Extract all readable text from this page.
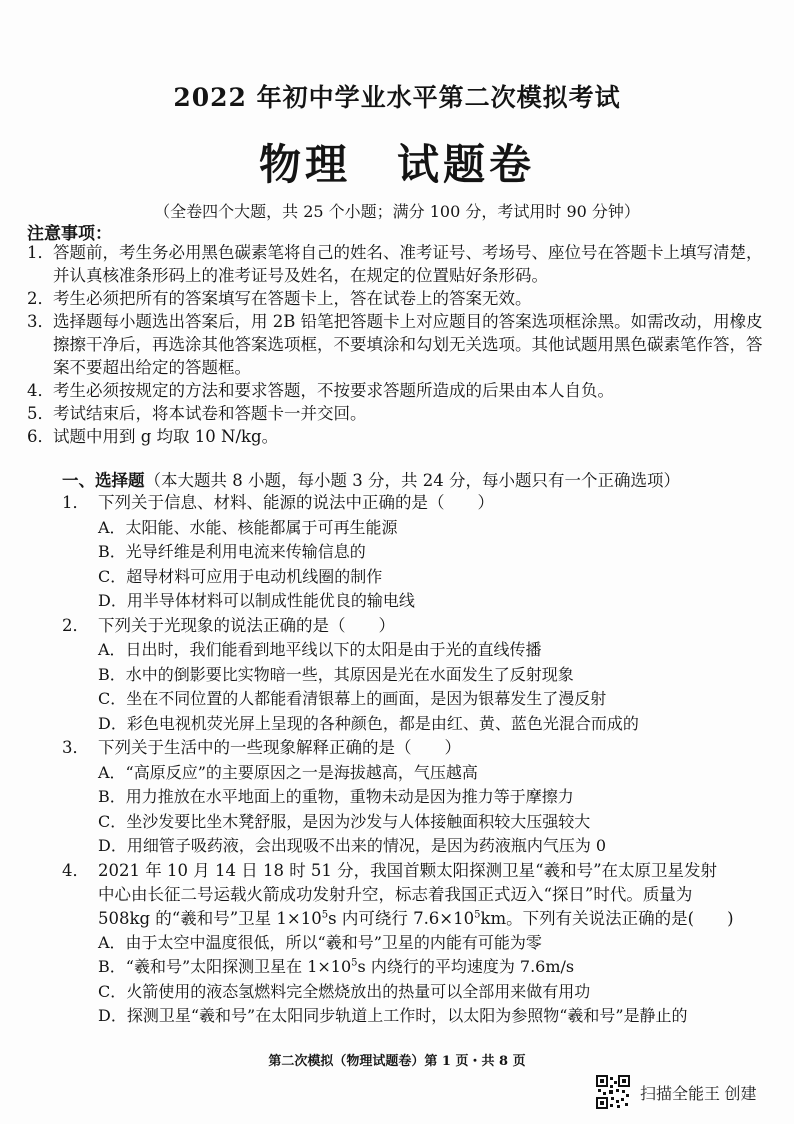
2022 年初中学业水平第二次模拟考试
物理　试题卷
（全卷四个大题，共 25 个小题；满分 100 分，考试用时 90 分钟）
注意事项：
1． 答题前，考生务必用黑色碳素笔将自己的姓名、准考证号、考场号、座位号在答题卡上填写清楚，并认真核准条形码上的准考证号及姓名，在规定的位置贴好条形码。
2． 考生必须把所有的答案填写在答题卡上，答在试卷上的答案无效。
3． 选择题每小题选出答案后，用 2B 铅笔把答题卡上对应题目的答案选项框涂黑。如需改动，用橡皮擦擦干净后，再选涂其他答案选项框，不要填涂和勾划无关选项。其他试题用黑色碳素笔作答，答案不要超出给定的答题框。
4． 考生必须按规定的方法和要求答题，不按要求答题所造成的后果由本人自负。
5． 考试结束后，将本试卷和答题卡一并交回。
6． 试题中用到 g 均取 10 N/kg。
一、选择题（本大题共 8 小题，每小题 3 分，共 24 分，每小题只有一个正确选项）
1． 下列关于信息、材料、能源的说法中正确的是（　　）
A．太阳能、水能、核能都属于可再生能源
B．光导纤维是利用电流来传输信息的
C．超导材料可应用于电动机线圈的制作
D．用半导体材料可以制成性能优良的输电线
2． 下列关于光现象的说法正确的是（　　）
A．日出时，我们能看到地平线以下的太阳是由于光的直线传播
B．水中的倒影要比实物暗一些，其原因是光在水面发生了反射现象
C．坐在不同位置的人都能看清银幕上的画面，是因为银幕发生了漫反射
D．彩色电视机荧光屏上呈现的各种颜色，都是由红、黄、蓝色光混合而成的
3． 下列关于生活中的一些现象解释正确的是（　　）
A．“高原反应”的主要原因之一是海拔越高，气压越高
B．用力推放在水平地面上的重物，重物未动是因为推力等于摩擦力
C．坐沙发要比坐木凳舒服，是因为沙发与人体接触面积较大压强较大
D．用细管子吸药液，会出现吸不出来的情况，是因为药液瓶内气压为 0
4． 2021 年 10 月 14 日 18 时 51 分，我国首颗太阳探测卫星“羲和号”在太原卫星发射
中心由长征二号运载火箭成功发射升空，标志着我国正式迈入“探日”时代。质量为
508kg 的“羲和号”卫星 $1\times 10^5s$ 内可绕行 $7.6\times 10^5km$。下列有关说法正确的是(　　)
A．由于太空中温度很低，所以“羲和号”卫星的内能有可能为零
B．“羲和号”太阳探测卫星在 $1\times 10^5s$ 内绕行的平均速度为 7.6m/s
C．火箭使用的液态氢燃料完全燃烧放出的热量可以全部用来做有用功
D．探测卫星“羲和号”在太阳同步轨道上工作时，以太阳为参照物“羲和号”是静止的
第二次模拟（物理试题卷）第 1 页・共 8 页
扫描全能王 创建
